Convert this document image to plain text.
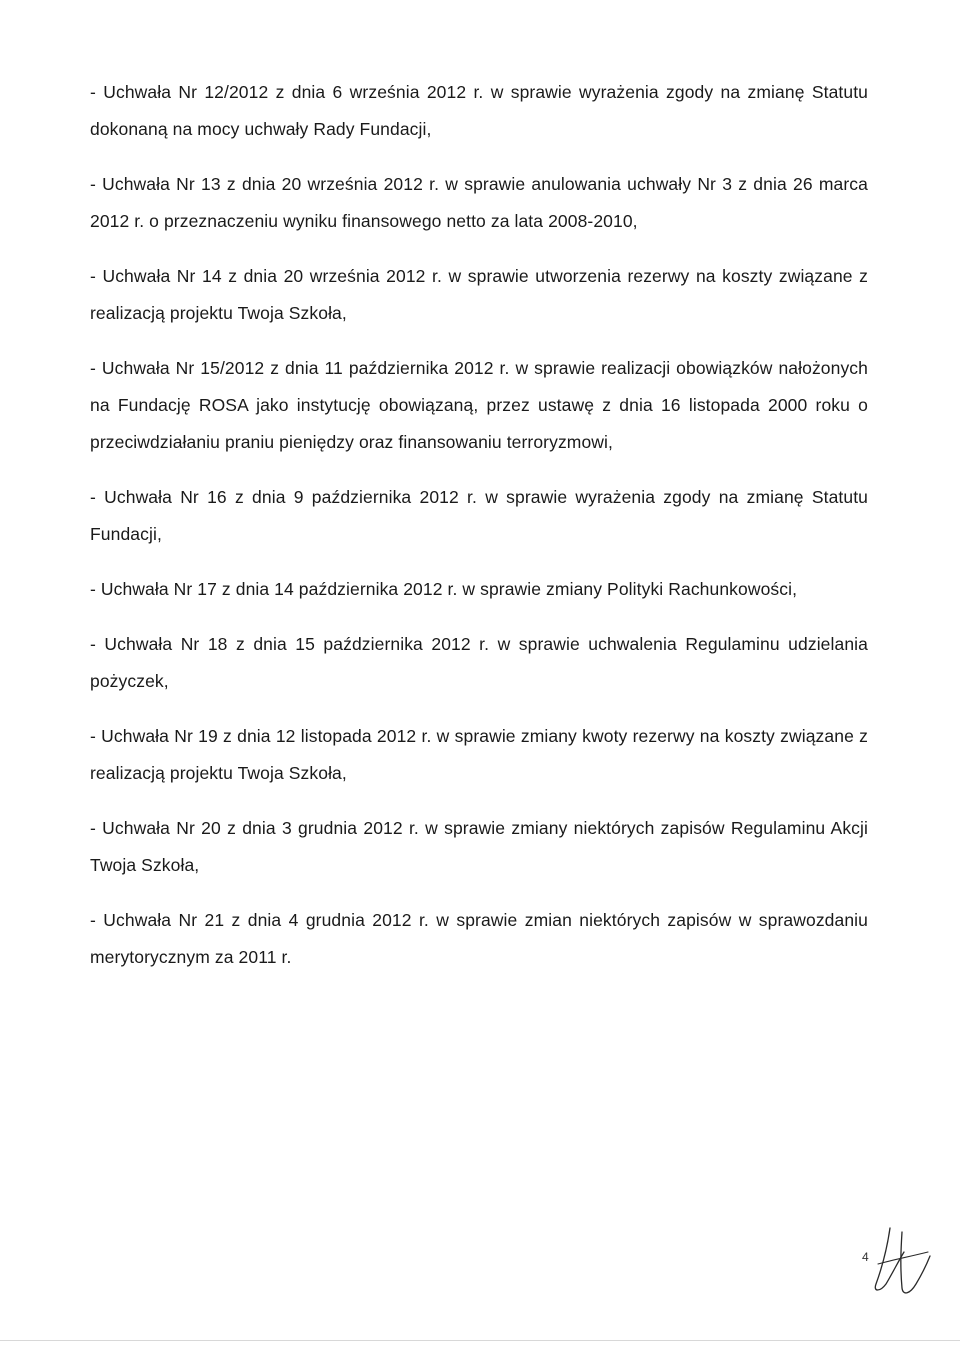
- Uchwała Nr 12/2012 z dnia 6 września 2012 r. w sprawie wyrażenia zgody na zmianę Statutu dokonaną na mocy uchwały Rady Fundacji,

- Uchwała Nr 13 z dnia 20 września 2012 r. w sprawie anulowania uchwały Nr 3 z dnia 26 marca 2012 r. o przeznaczeniu wyniku finansowego netto za lata 2008-2010,

- Uchwała Nr 14 z dnia 20 września 2012 r. w sprawie utworzenia rezerwy na koszty związane z realizacją projektu Twoja Szkoła,

- Uchwała Nr 15/2012 z dnia 11 października 2012 r. w sprawie realizacji obowiązków nałożonych na Fundację ROSA jako instytucję obowiązaną, przez ustawę z dnia 16 listopada 2000 roku o przeciwdziałaniu praniu pieniędzy oraz finansowaniu terroryzmowi,

- Uchwała Nr 16 z dnia 9 października 2012 r. w sprawie wyrażenia zgody na zmianę Statutu Fundacji,

- Uchwała Nr 17 z dnia 14 października 2012 r. w sprawie zmiany Polityki Rachunkowości,

- Uchwała Nr 18 z dnia 15 października 2012 r. w sprawie uchwalenia Regulaminu udzielania pożyczek,

- Uchwała Nr 19 z dnia 12 listopada 2012 r. w sprawie zmiany kwoty rezerwy na koszty związane z realizacją projektu Twoja Szkoła,

- Uchwała Nr 20 z dnia 3 grudnia 2012 r. w sprawie zmiany niektórych zapisów Regulaminu Akcji Twoja Szkoła,

- Uchwała Nr 21 z dnia 4 grudnia 2012 r. w sprawie zmian niektórych zapisów w sprawozdaniu merytorycznym za 2011 r.

4
